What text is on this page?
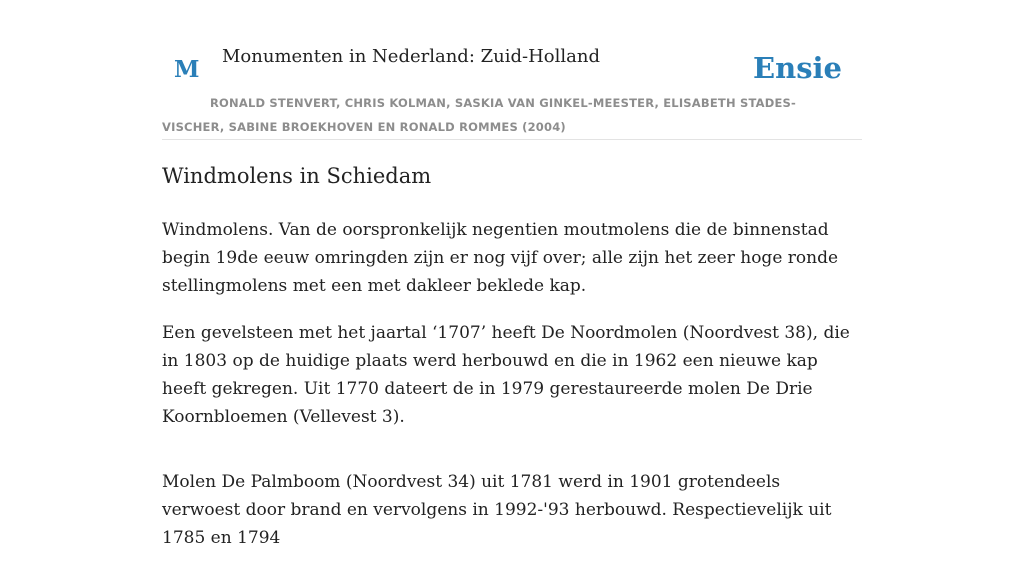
M Monumenten in Nederland: Zuid-Holland	Ensie
RONALD STENVERT, CHRIS KOLMAN, SASKIA VAN GINKEL-MEESTER, ELISABETH STADES-VISCHER, SABINE BROEKHOVEN EN RONALD ROMMES (2004)
Windmolens in Schiedam

Windmolens. Van de oorspronkelijk negentien moutmolens die de binnenstad begin 19de eeuw omringden zijn er nog vijf over; alle zijn het zeer hoge ronde stellingmolens met een met dakleer beklede kap.

Een gevelsteen met het jaartal ‘1707’ heeft De Noordmolen (Noordvest 38), die in 1803 op de huidige plaats werd herbouwd en die in 1962 een nieuwe kap heeft gekregen. Uit 1770 dateert de in 1979 gerestaureerde molen De Drie Koornbloemen (Vellevest 3).

Molen De Palmboom (Noordvest 34) uit 1781 werd in 1901 grotendeels verwoest door brand en vervolgens in 1992-'93 herbouwd. Respectievelijk uit 1785 en 1794
